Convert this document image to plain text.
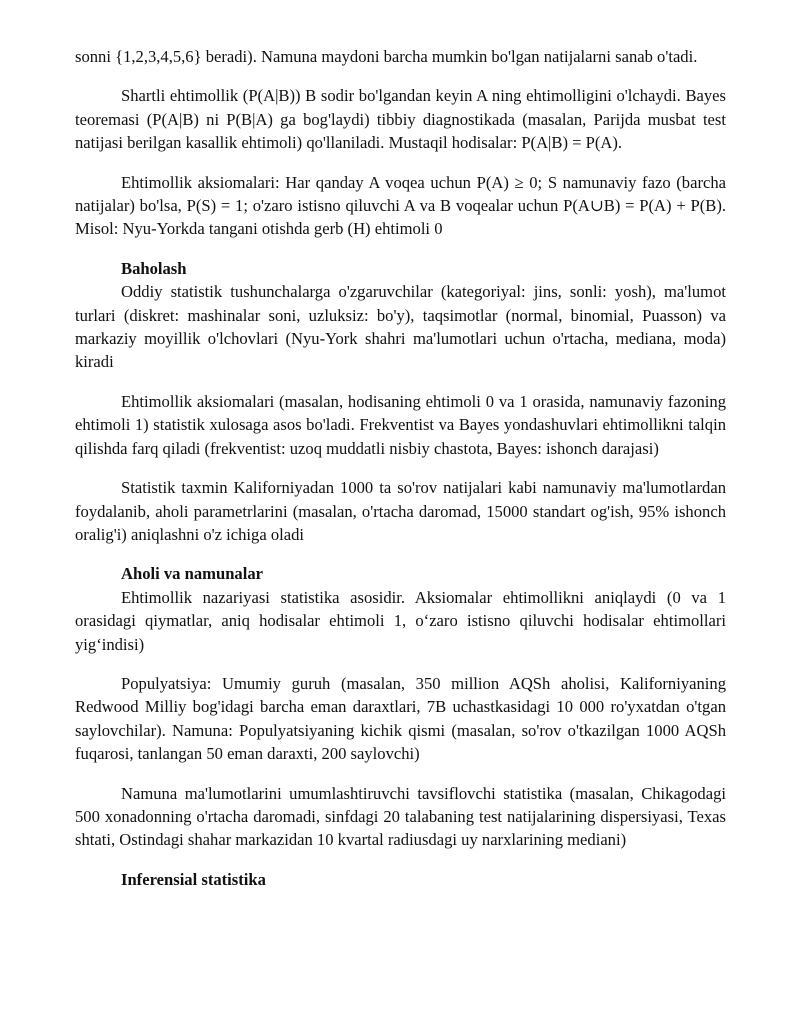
sonni {1,2,3,4,5,6} beradi). Namuna maydoni barcha mumkin bo'lgan natijalarni sanab o'tadi.

Shartli ehtimollik (P(A|B)) B sodir bo'lgandan keyin A ning ehtimolligini o'lchaydi. Bayes teoremasi (P(A|B) ni P(B|A) ga bog'laydi) tibbiy diagnostikada (masalan, Parijda musbat test natijasi berilgan kasallik ehtimoli) qo'llaniladi. Mustaqil hodisalar: P(A|B) = P(A).

Ehtimollik aksiomalari: Har qanday A voqea uchun P(A) ≥ 0; S namunaviy fazo (barcha natijalar) bo'lsa, P(S) = 1; o'zaro istisno qiluvchi A va B voqealar uchun P(A∪B) = P(A) + P(B). Misol: Nyu-Yorkda tangani otishda gerb (H) ehtimoli 0

Baholash

Oddiy statistik tushunchalarga o'zgaruvchilar (kategoriyal: jins, sonli: yosh), ma'lumot turlari (diskret: mashinalar soni, uzluksiz: bo'y), taqsimotlar (normal, binomial, Puasson) va markaziy moyillik o'lchovlari (Nyu-York shahri ma'lumotlari uchun o'rtacha, mediana, moda) kiradi

Ehtimollik aksiomalari (masalan, hodisaning ehtimoli 0 va 1 orasida, namunaviy fazoning ehtimoli 1) statistik xulosaga asos bo'ladi. Frekventist va Bayes yondashuvlari ehtimollikni talqin qilishda farq qiladi (frekventist: uzoq muddatli nisbiy chastota, Bayes: ishonch darajasi)

Statistik taxmin Kaliforniyadan 1000 ta so'rov natijalari kabi namunaviy ma'lumotlardan foydalanib, aholi parametrlarini (masalan, o'rtacha daromad, 15000 standart og'ish, 95% ishonch oralig'i) aniqlashni o'z ichiga oladi

Aholi va namunalar

Ehtimollik nazariyasi statistika asosidir. Aksiomalar ehtimollikni aniqlaydi (0 va 1 orasidagi qiymatlar, aniq hodisalar ehtimoli 1, o‘zaro istisno qiluvchi hodisalar ehtimollari yig‘indisi)

Populyatsiya: Umumiy guruh (masalan, 350 million AQSh aholisi, Kaliforniyaning Redwood Milliy bog'idagi barcha eman daraxtlari, 7B uchastkasidagi 10 000 ro'yxatdan o'tgan saylovchilar). Namuna: Populyatsiyaning kichik qismi (masalan, so'rov o'tkazilgan 1000 AQSh fuqarosi, tanlangan 50 eman daraxti, 200 saylovchi)

Namuna ma'lumotlarini umumlashtiruvchi tavsiflovchi statistika (masalan, Chikagodagi 500 xonadonning o'rtacha daromadi, sinfdagi 20 talabaning test natijalarining dispersiyasi, Texas shtati, Ostindagi shahar markazidan 10 kvartal radiusdagi uy narxlarining mediani)

Inferensial statistika
